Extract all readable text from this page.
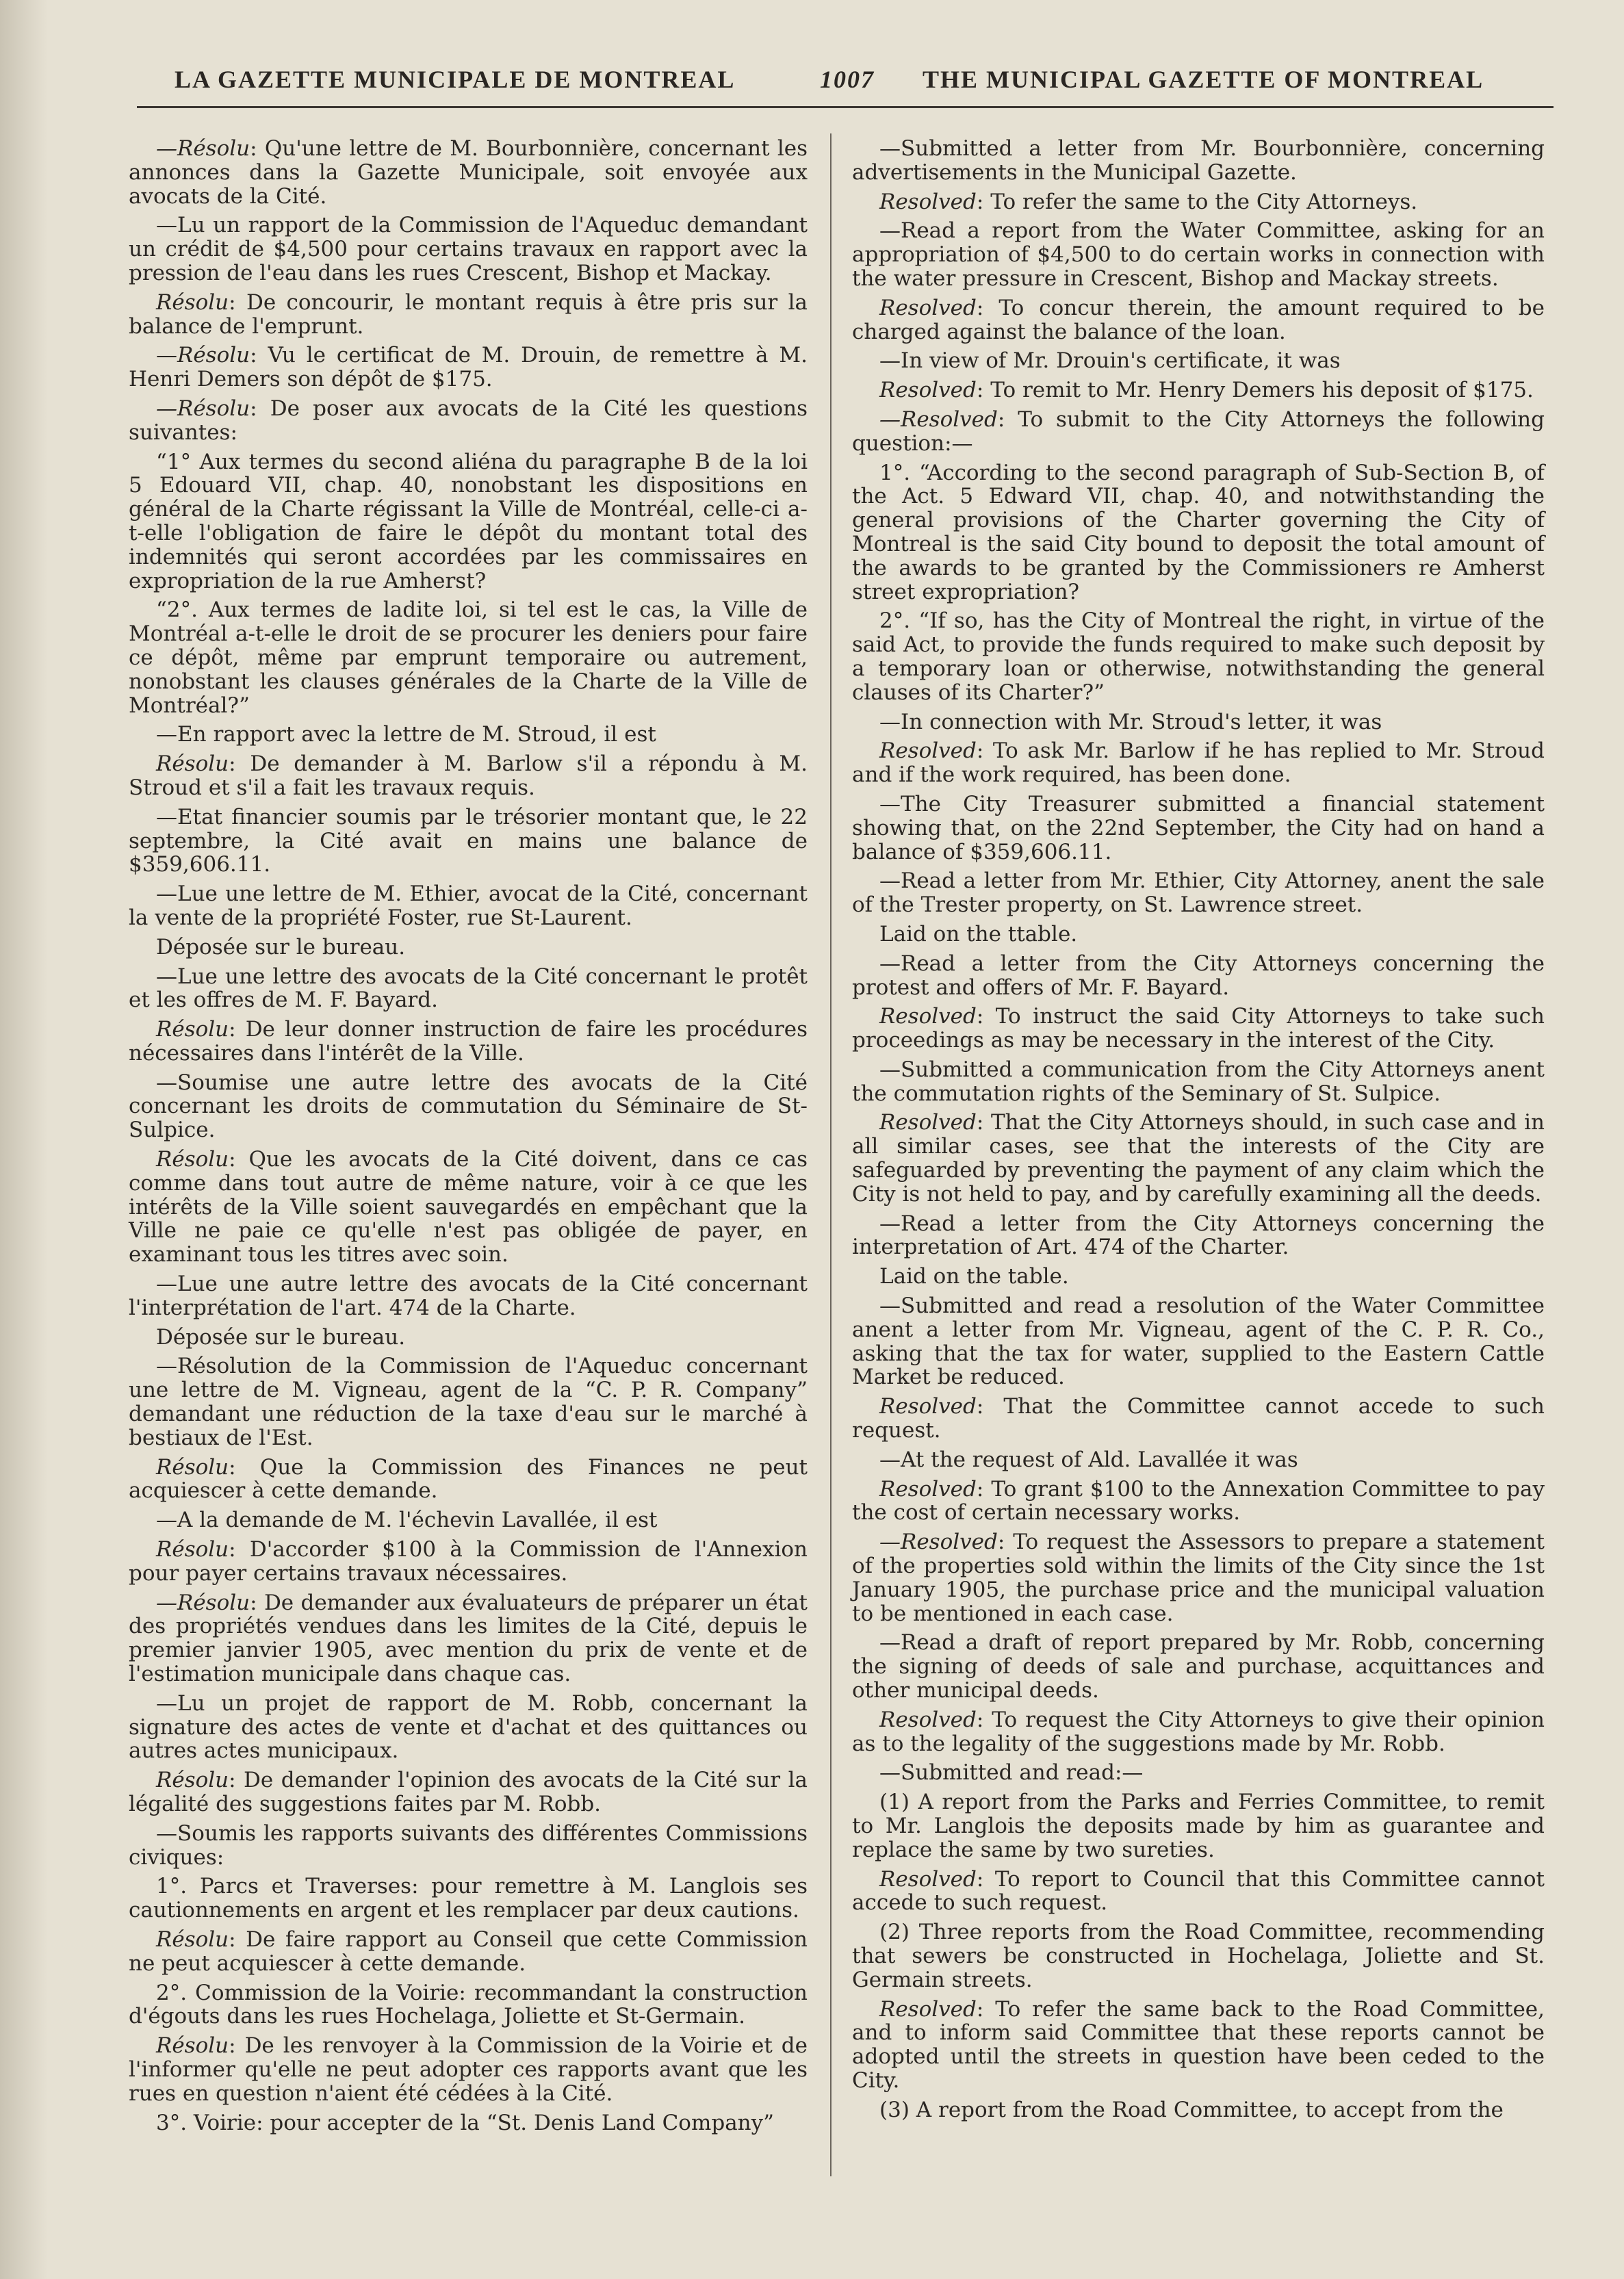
LA GAZETTE MUNICIPALE DE MONTREAL	1007 THE MUNICIPAL GAZETTE OF MONTREAL

—Résolu: Qu'une lettre de M. Bourbonnière, concernant les annonces dans la Gazette Municipale, soit envoyée aux avocats de la Cité.

—Lu un rapport de la Commission de l'Aqueduc demandant un crédit de $4,500 pour certains travaux en rapport avec la pression de l'eau dans les rues Crescent, Bishop et Mackay.

Résolu: De concourir, le montant requis à être pris sur la balance de l'emprunt.

—Résolu: Vu le certificat de M. Drouin, de remettre à M. Henri Demers son dépôt de $175.

—Résolu: De poser aux avocats de la Cité les questions suivantes:

“1° Aux termes du second aliéna du paragraphe B de la loi 5 Edouard VII, chap. 40, nonobstant les dispositions en général de la Charte régissant la Ville de Montréal, celle-ci a-t-elle l'obligation de faire le dépôt du montant total des indemnités qui seront accordées par les commissaires en expropriation de la rue Amherst?

“2°. Aux termes de ladite loi, si tel est le cas, la Ville de Montréal a-t-elle le droit de se procurer les deniers pour faire ce dépôt, même par emprunt temporaire ou autrement, nonobstant les clauses générales de la Charte de la Ville de Montréal?”

—En rapport avec la lettre de M. Stroud, il est

Résolu: De demander à M. Barlow s'il a répondu à M. Stroud et s'il a fait les travaux requis.

—Etat financier soumis par le trésorier montant que, le 22 septembre, la Cité avait en mains une balance de $359,606.11.

—Lue une lettre de M. Ethier, avocat de la Cité, concernant la vente de la propriété Foster, rue St-Laurent.

Déposée sur le bureau.

—Lue une lettre des avocats de la Cité concernant le protêt et les offres de M. F. Bayard.

Résolu: De leur donner instruction de faire les procédures nécessaires dans l'intérêt de la Ville.

—Soumise une autre lettre des avocats de la Cité concernant les droits de commutation du Séminaire de St-Sulpice.

Résolu: Que les avocats de la Cité doivent, dans ce cas comme dans tout autre de même nature, voir à ce que les intérêts de la Ville soient sauvegardés en empêchant que la Ville ne paie ce qu'elle n'est pas obligée de payer, en examinant tous les titres avec soin.

—Lue une autre lettre des avocats de la Cité concernant l'interprétation de l'art. 474 de la Charte.

Déposée sur le bureau.

—Résolution de la Commission de l'Aqueduc concernant une lettre de M. Vigneau, agent de la “C. P. R. Company” demandant une réduction de la taxe d'eau sur le marché à bestiaux de l'Est.

Résolu: Que la Commission des Finances ne peut acquiescer à cette demande.

—A la demande de M. l'échevin Lavallée, il est

Résolu: D'accorder $100 à la Commission de l'Annexion pour payer certains travaux nécessaires.

—Résolu: De demander aux évaluateurs de préparer un état des propriétés vendues dans les limites de la Cité, depuis le premier janvier 1905, avec mention du prix de vente et de l'estimation municipale dans chaque cas.

—Lu un projet de rapport de M. Robb, concernant la signature des actes de vente et d'achat et des quittances ou autres actes municipaux.

Résolu: De demander l'opinion des avocats de la Cité sur la légalité des suggestions faites par M. Robb.

—Soumis les rapports suivants des différentes Commissions civiques:

1°. Parcs et Traverses: pour remettre à M. Langlois ses cautionnements en argent et les remplacer par deux cautions.

Résolu: De faire rapport au Conseil que cette Commission ne peut acquiescer à cette demande.

2°. Commission de la Voirie: recommandant la construction d'égouts dans les rues Hochelaga, Joliette et St-Germain.

Résolu: De les renvoyer à la Commission de la Voirie et de l'informer qu'elle ne peut adopter ces rapports avant que les rues en question n'aient été cédées à la Cité.

3°. Voirie: pour accepter de la “St. Denis Land Company”

—Submitted a letter from Mr. Bourbonnière, concerning advertisements in the Municipal Gazette.

Resolved: To refer the same to the City Attorneys.

—Read a report from the Water Committee, asking for an appropriation of $4,500 to do certain works in connection with the water pressure in Crescent, Bishop and Mackay streets.

Resolved: To concur therein, the amount required to be charged against the balance of the loan.

—In view of Mr. Drouin's certificate, it was

Resolved: To remit to Mr. Henry Demers his deposit of $175.

—Resolved: To submit to the City Attorneys the following question:—

1°. “According to the second paragraph of Sub-Section B, of the Act. 5 Edward VII, chap. 40, and notwithstanding the general provisions of the Charter governing the City of Montreal is the said City bound to deposit the total amount of the awards to be granted by the Commissioners re Amherst street expropriation?

2°. “If so, has the City of Montreal the right, in virtue of the said Act, to provide the funds required to make such deposit by a temporary loan or otherwise, notwithstanding the general clauses of its Charter?”

—In connection with Mr. Stroud's letter, it was

Resolved: To ask Mr. Barlow if he has replied to Mr. Stroud and if the work required, has been done.

—The City Treasurer submitted a financial statement showing that, on the 22nd September, the City had on hand a balance of $359,606.11.

—Read a letter from Mr. Ethier, City Attorney, anent the sale of the Trester property, on St. Lawrence street.

Laid on the ttable.

—Read a letter from the City Attorneys concerning the protest and offers of Mr. F. Bayard.

Resolved: To instruct the said City Attorneys to take such proceedings as may be necessary in the interest of the City.

—Submitted a communication from the City Attorneys anent the commutation rights of the Seminary of St. Sulpice.

Resolved: That the City Attorneys should, in such case and in all similar cases, see that the interests of the City are safeguarded by preventing the payment of any claim which the City is not held to pay, and by carefully examining all the deeds.

—Read a letter from the City Attorneys concerning the interpretation of Art. 474 of the Charter.

Laid on the table.

—Submitted and read a resolution of the Water Committee anent a letter from Mr. Vigneau, agent of the C. P. R. Co., asking that the tax for water, supplied to the Eastern Cattle Market be reduced.

Resolved: That the Committee cannot accede to such request.

—At the request of Ald. Lavallée it was

Resolved: To grant $100 to the Annexation Committee to pay the cost of certain necessary works.

—Resolved: To request the Assessors to prepare a statement of the properties sold within the limits of the City since the 1st January 1905, the purchase price and the municipal valuation to be mentioned in each case.

—Read a draft of report prepared by Mr. Robb, concerning the signing of deeds of sale and purchase, acquittances and other municipal deeds.

Resolved: To request the City Attorneys to give their opinion as to the legality of the suggestions made by Mr. Robb.

—Submitted and read:—

(1) A report from the Parks and Ferries Committee, to remit to Mr. Langlois the deposits made by him as guarantee and replace the same by two sureties.

Resolved: To report to Council that this Committee cannot accede to such request.

(2) Three reports from the Road Committee, recommending that sewers be constructed in Hochelaga, Joliette and St. Germain streets.

Resolved: To refer the same back to the Road Committee, and to inform said Committee that these reports cannot be adopted until the streets in question have been ceded to the City.

(3) A report from the Road Committee, to accept from the
